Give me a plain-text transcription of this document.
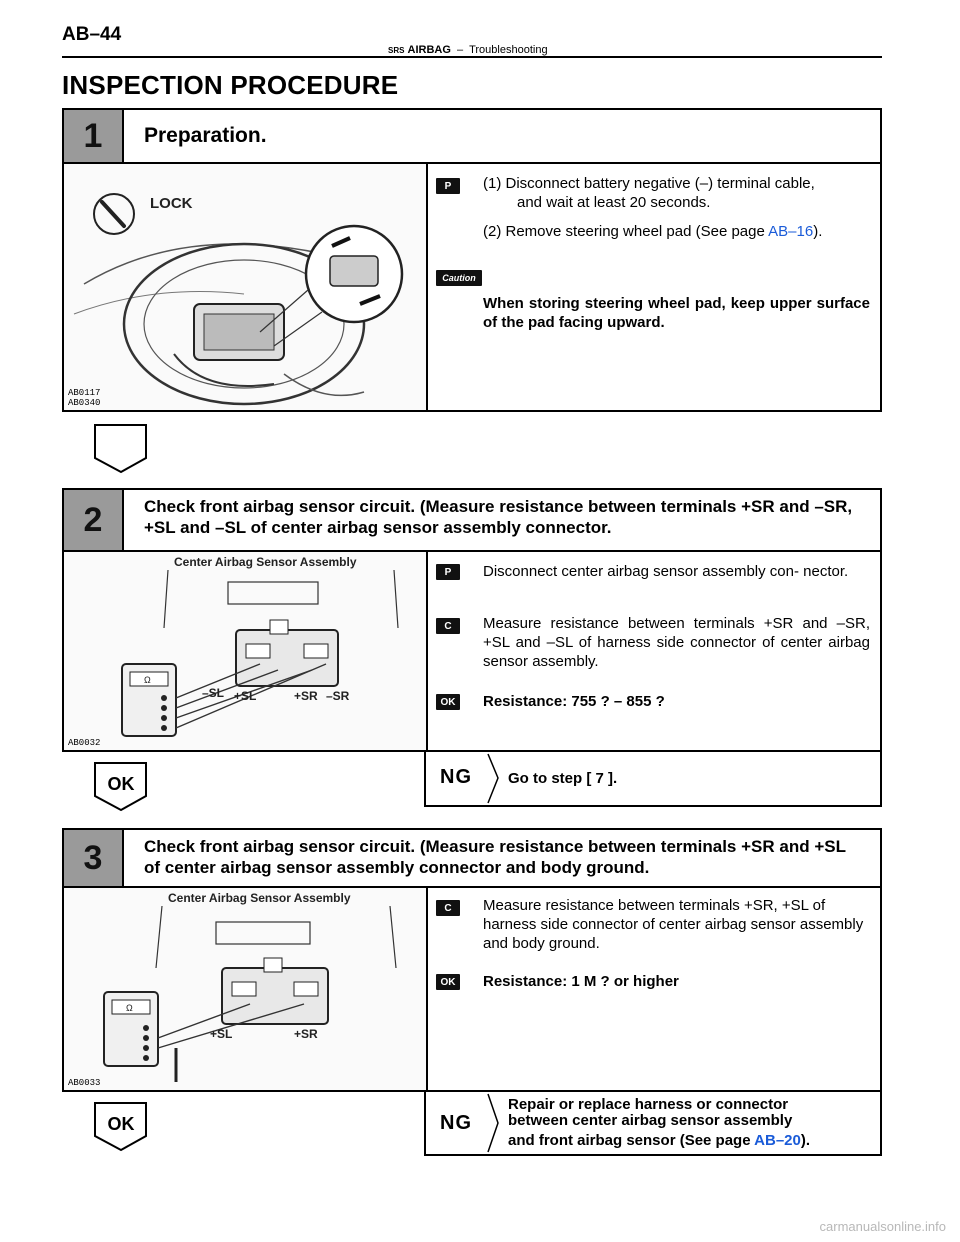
AB–44
SRS AIRBAG – Troubleshooting
INSPECTION PROCEDURE
1	Preparation.
LOCK
AB0117
AB0340
P	(1) Disconnect battery negative (–) terminal cable,
and wait at least 20 seconds.
(2) Remove steering wheel pad (See page AB–16).
Caution
When storing steering wheel pad, keep upper surface of the pad facing upward.
2	Check front airbag sensor circuit. (Measure resistance between terminals +SR and –SR, +SL and –SL of center airbag sensor assembly connector.
Center Airbag Sensor Assembly
Ω
–SL +SL	+SR –SR
AB0032
P	Disconnect center airbag sensor assembly con- nector.
C	Measure resistance between terminals +SR and –SR, +SL and –SL of harness side connector of center airbag sensor assembly.
OK	Resistance: 755 ? – 855 ?
OK	NG Go to step [ 7 ].
3	Check front airbag sensor circuit. (Measure resistance between terminals +SR and +SL of center airbag sensor assembly connector and body ground.
Center Airbag Sensor Assembly
Ω
+SL	+SR
AB0033
C	Measure resistance between terminals +SR, +SL of harness side connector of center airbag sensor assembly and body ground.
OK	Resistance: 1 M ? or higher
OK	NG
Repair or replace harness or connector
between center airbag sensor assembly
and front airbag sensor (See page AB–20).
carmanualsonline.info
